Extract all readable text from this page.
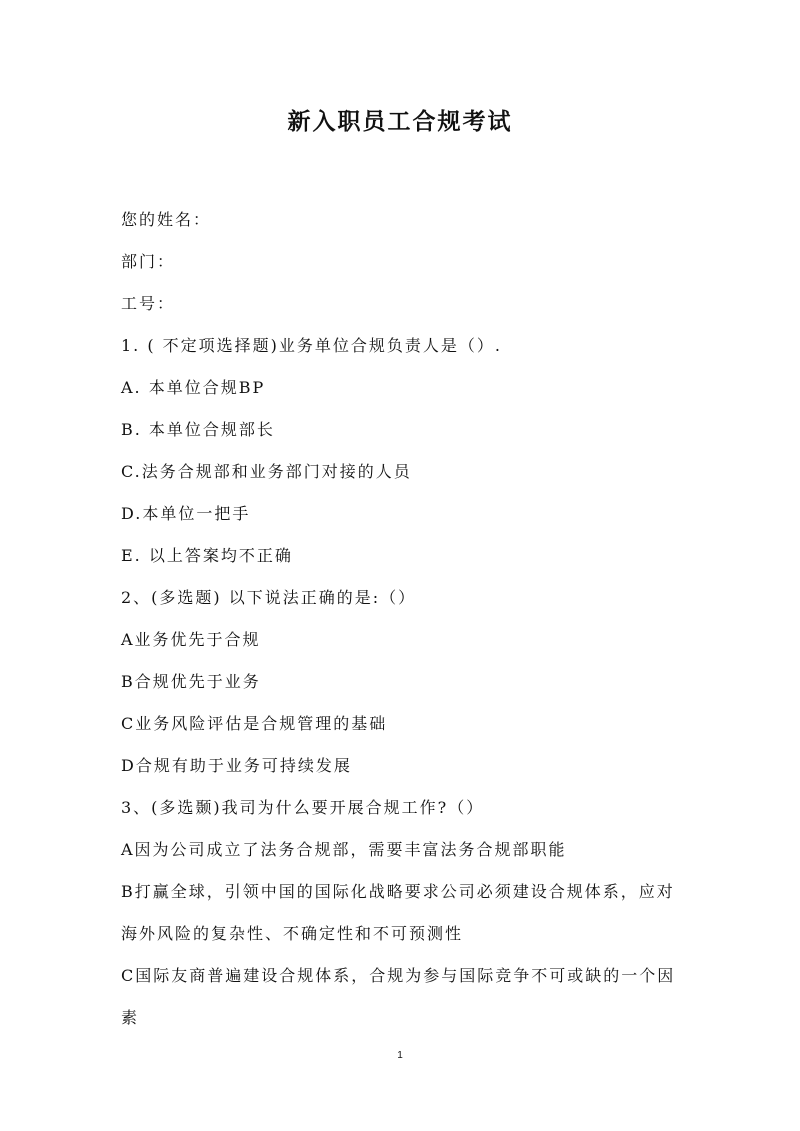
新入职员工合规考试
您的姓名：
部门：
工号：
1. ( 不定项选择题)业务单位合规负责人是（）.
A. 本单位合规BP
B. 本单位合规部长
C.法务合规部和业务部门对接的人员
D.本单位一把手
E. 以上答案均不正确
2、(多选题) 以下说法正确的是:（）
A业务优先于合规
B合规优先于业务
C业务风险评估是合规管理的基础
D合规有助于业务可持续发展
3、(多选颞)我司为什么要开展合规工作?（）
A因为公司成立了法务合规部，需要丰富法务合规部职能
B打赢全球，引领中国的国际化战略要求公司必须建设合规体系，应对海外风险的复杂性、不确定性和不可预测性
C国际友商普遍建设合规体系，合规为参与国际竞争不可或缺的一个因素
1
